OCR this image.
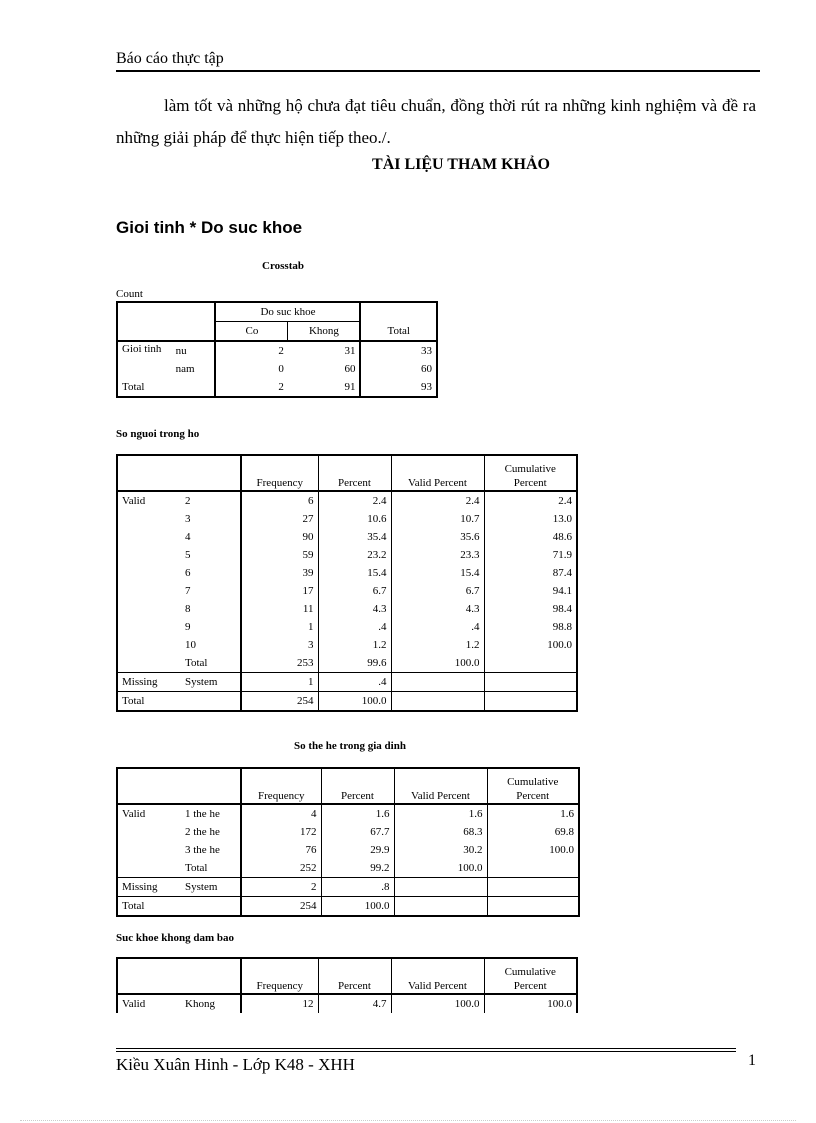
Báo cáo thực tập
làm tốt và những hộ chưa đạt tiêu chuẩn, đồng thời rút ra những kinh nghiệm và đề ra những giải pháp để thực hiện tiếp theo./.
TÀI LIỆU THAM KHẢO
Gioi tinh * Do suc khoe
Crosstab
Count
		Do suc khoe		
		Co	Khong	Total
Gioi tinh	nu	2	31	33
	nam	0	60	60
Total		2	91	93
So nguoi trong ho
		Frequency	Percent	Valid Percent	Cumulative
Percent
Valid	2	6	2.4	2.4	2.4
	3	27	10.6	10.7	13.0
	4	90	35.4	35.6	48.6
	5	59	23.2	23.3	71.9
	6	39	15.4	15.4	87.4
	7	17	6.7	6.7	94.1
	8	11	4.3	4.3	98.4
	9	1	.4	.4	98.8
	10	3	1.2	1.2	100.0
	Total	253	99.6	100.0	
Missing	System	1	.4		
Total		254	100.0		
So the he trong gia dinh
		Frequency	Percent	Valid Percent	Cumulative
Percent
Valid	1 the he	4	1.6	1.6	1.6
	2 the he	172	67.7	68.3	69.8
	3 the he	76	29.9	30.2	100.0
	Total	252	99.2	100.0	
Missing	System	2	.8		
Total		254	100.0		
Suc khoe khong dam bao
		Frequency	Percent	Valid Percent	Cumulative
Percent
Valid	Khong	12	4.7	100.0	100.0
Kiều Xuân Hinh - Lớp K48 - XHH	1
